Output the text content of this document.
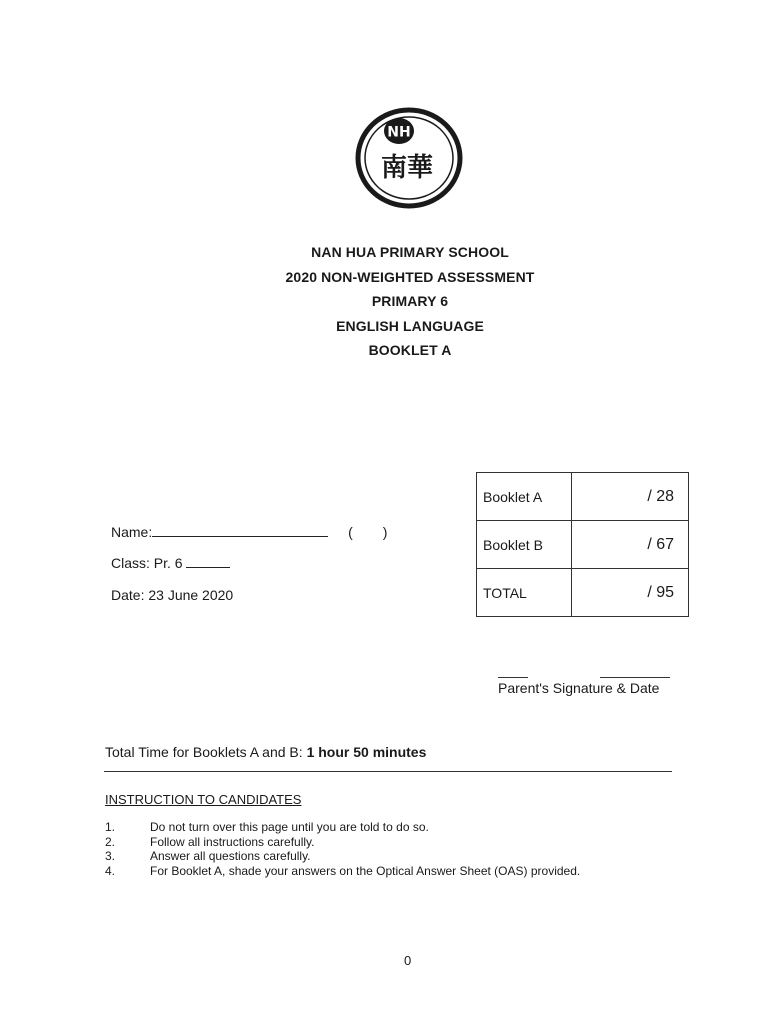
NH
南華
NAN HUA PRIMARY SCHOOL
2020 NON-WEIGHTED ASSESSMENT
PRIMARY 6
ENGLISH LANGUAGE
BOOKLET A
Name:	( )
Class: Pr. 6
Date: 23 June 2020
Booklet A	/ 28
Booklet B	/ 67
TOTAL	/ 95
Parent's Signature & Date
Total Time for Booklets A and B: 1 hour 50 minutes
INSTRUCTION TO CANDIDATES
1.	Do not turn over this page until you are told to do so.
2.	Follow all instructions carefully.
3.	Answer all questions carefully.
4.	For Booklet A, shade your answers on the Optical Answer Sheet (OAS) provided.
0
